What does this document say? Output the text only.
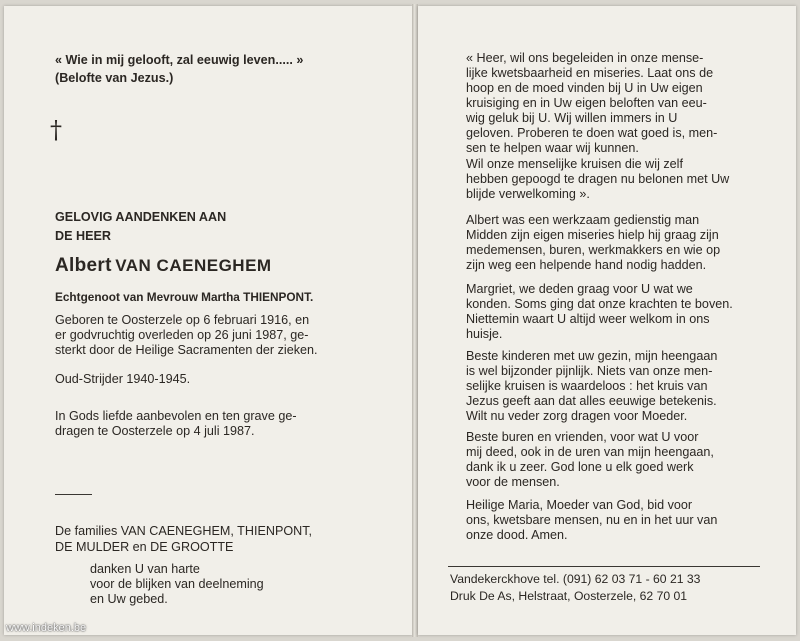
« Wie in mij gelooft, zal eeuwig leven..... »
(Belofte van Jezus.)
†
GELOVIG AANDENKEN AAN
DE HEER
Albert VAN CAENEGHEM
Echtgenoot van Mevrouw Martha THIENPONT.
Geboren te Oosterzele op 6 februari 1916, en
er godvruchtig overleden op 26 juni 1987, ge-
sterkt door de Heilige Sacramenten der zieken.
Oud-Strijder 1940-1945.
In Gods liefde aanbevolen en ten grave ge-
dragen te Oosterzele op 4 juli 1987.
De families VAN CAENEGHEM, THIENPONT,
DE MULDER en DE GROOTTE
danken U van harte
voor de blijken van deelneming
en Uw gebed.
« Heer, wil ons begeleiden in onze mense-
lijke kwetsbaarheid en miseries. Laat ons de
hoop en de moed vinden bij U in Uw eigen
kruisiging en in Uw eigen beloften van eeu-
wig geluk bij U. Wij willen immers in U
geloven. Proberen te doen wat goed is, men-
sen te helpen waar wij kunnen.
Wil onze menselijke kruisen die wij zelf
hebben gepoogd te dragen nu belonen met Uw
blijde verwelkoming ».
Albert was een werkzaam gedienstig man
Midden zijn eigen miseries hielp hij graag zijn
medemensen, buren, werkmakkers en wie op
zijn weg een helpende hand nodig hadden.
Margriet, we deden graag voor U wat we
konden. Soms ging dat onze krachten te boven.
Niettemin waart U altijd weer welkom in ons
huisje.
Beste kinderen met uw gezin, mijn heengaan
is wel bijzonder pijnlijk. Niets van onze men-
selijke kruisen is waardeloos : het kruis van
Jezus geeft aan dat alles eeuwige betekenis.
Wilt nu veder zorg dragen voor Moeder.
Beste buren en vrienden, voor wat U voor
mij deed, ook in de uren van mijn heengaan,
dank ik u zeer. God lone u elk goed werk
voor de mensen.
Heilige Maria, Moeder van God, bid voor
ons, kwetsbare mensen, nu en in het uur van
onze dood. Amen.
Vandekerckhove tel. (091) 62 03 71 - 60 21 33
Druk De As, Helstraat, Oosterzele, 62 70 01
www.indeken.be
